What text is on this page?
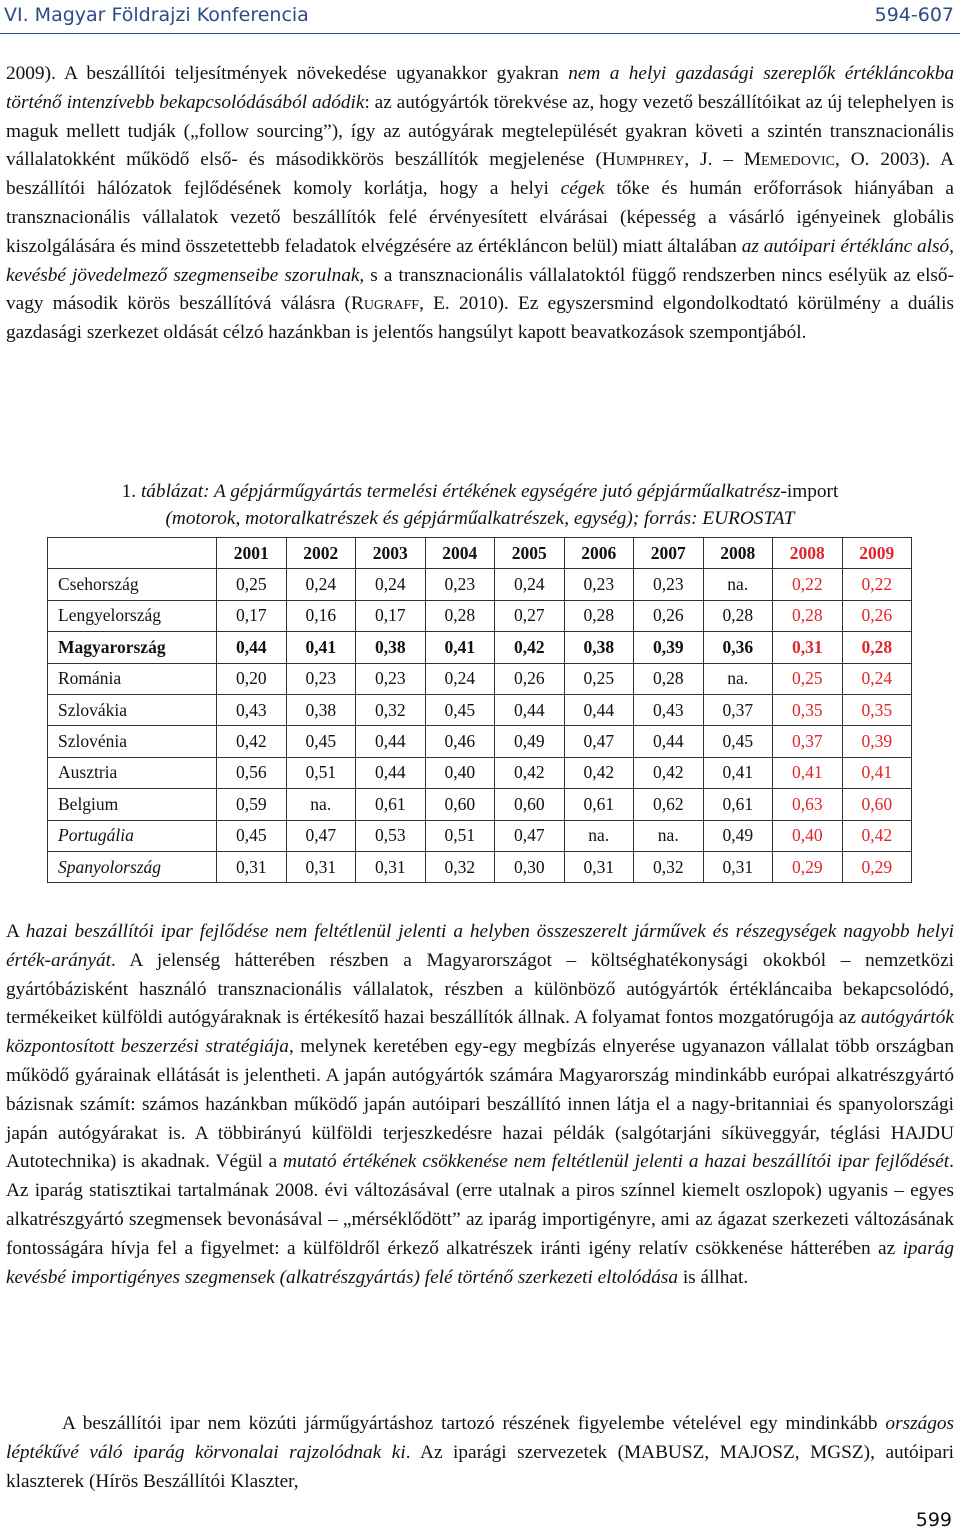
VI. Magyar Földrajzi Konferencia	594-607

2009). A beszállítói teljesítmények növekedése ugyanakkor gyakran nem a helyi gazdasági szereplők értékláncokba történő intenzívebb bekapcsolódásából adódik: az autógyártók törekvése az, hogy vezető beszállítóikat az új telephelyen is maguk mellett tudják („follow sourcing”), így az autógyárak megtelepülését gyakran követi a szintén transznacionális vállalatokként működő első- és másodikkörös beszállítók megjelenése (Humphrey, J. – Memedovic, O. 2003). A beszállítói hálózatok fejlődésének komoly korlátja, hogy a helyi cégek tőke és humán erőforrások hiányában a transznacionális vállalatok vezető beszállítók felé érvényesített elvárásai (képesség a vásárló igényeinek globális kiszolgálására és mind összetettebb feladatok elvégzésére az értékláncon belül) miatt általában az autóipari értéklánc alsó, kevésbé jövedelmező szegmenseibe szorulnak, s a transznacionális vállalatoktól függő rendszerben nincs esélyük az első- vagy második körös beszállítóvá válásra (Rugraff, E. 2010). Ez egyszersmind elgondolkodtató körülmény a duális gazdasági szerkezet oldását célzó hazánkban is jelentős hangsúlyt kapott beavatkozások szempontjából.

1. táblázat: A gépjárműgyártás termelési értékének egységére jutó gépjárműalkatrész-import
(motorok, motoralkatrészek és gépjárműalkatrészek, egység); forrás: EUROSTAT

	2001	2002	2003	2004	2005	2006	2007	2008	2008	2009
Csehország	0,25	0,24	0,24	0,23	0,24	0,23	0,23	na.	0,22	0,22
Lengyelország	0,17	0,16	0,17	0,28	0,27	0,28	0,26	0,28	0,28	0,26
Magyarország	0,44	0,41	0,38	0,41	0,42	0,38	0,39	0,36	0,31	0,28
Románia	0,20	0,23	0,23	0,24	0,26	0,25	0,28	na.	0,25	0,24
Szlovákia	0,43	0,38	0,32	0,45	0,44	0,44	0,43	0,37	0,35	0,35
Szlovénia	0,42	0,45	0,44	0,46	0,49	0,47	0,44	0,45	0,37	0,39
Ausztria	0,56	0,51	0,44	0,40	0,42	0,42	0,42	0,41	0,41	0,41
Belgium	0,59	na.	0,61	0,60	0,60	0,61	0,62	0,61	0,63	0,60
Portugália	0,45	0,47	0,53	0,51	0,47	na.	na.	0,49	0,40	0,42
Spanyolország	0,31	0,31	0,31	0,32	0,30	0,31	0,32	0,31	0,29	0,29

A hazai beszállítói ipar fejlődése nem feltétlenül jelenti a helyben összeszerelt járművek és részegységek nagyobb helyi érték-arányát. A jelenség hátterében részben a Magyarországot – költséghatékonysági okokból – nemzetközi gyártóbázisként használó transznacionális vállalatok, részben a különböző autógyártók értékláncaiba bekapcsolódó, termékeiket külföldi autógyáraknak is értékesítő hazai beszállítók állnak. A folyamat fontos mozgatórugója az autógyártók központosított beszerzési stratégiája, melynek keretében egy-egy megbízás elnyerése ugyanazon vállalat több országban működő gyárainak ellátását is jelentheti. A japán autógyártók számára Magyarország mindinkább európai alkatrészgyártó bázisnak számít: számos hazánkban működő japán autóipari beszállító innen látja el a nagy-britanniai és spanyolországi japán autógyárakat is. A többirányú külföldi terjeszkedésre hazai példák (salgótarjáni síküveggyár, téglási HAJDU Autotechnika) is akadnak. Végül a mutató értékének csökkenése nem feltétlenül jelenti a hazai beszállítói ipar fejlődését. Az iparág statisztikai tartalmának 2008. évi változásával (erre utalnak a piros színnel kiemelt oszlopok) ugyanis – egyes alkatrészgyártó szegmensek bevonásával – „mérséklődött” az iparág importigényre, ami az ágazat szerkezeti változásának fontosságára hívja fel a figyelmet: a külföldről érkező alkatrészek iránti igény relatív csökkenése hátterében az iparág kevésbé importigényes szegmensek (alkatrészgyártás) felé történő szerkezeti eltolódása is állhat.

A beszállítói ipar nem közúti járműgyártáshoz tartozó részének figyelembe vételével egy mindinkább országos léptékűvé váló iparág körvonalai rajzolódnak ki. Az iparági szervezetek (MABUSZ, MAJOSZ, MGSZ), autóipari klaszterek (Hírös Beszállítói Klaszter,

599
